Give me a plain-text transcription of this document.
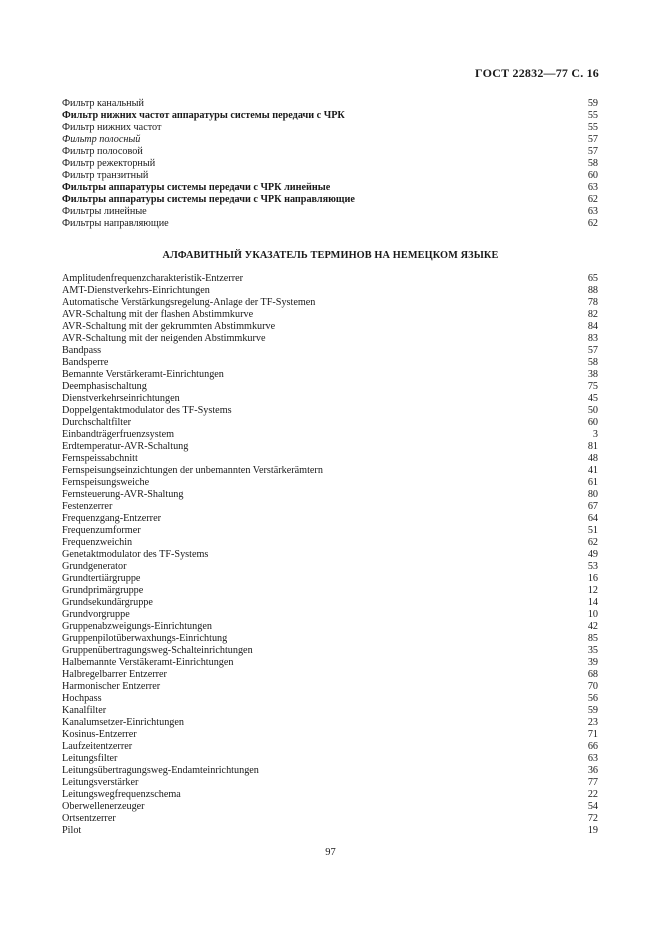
ГОСТ 22832—77 С. 16
Фильтр канальный	59
Фильтр нижних частот аппаратуры системы передачи с ЧРК	55
Фильтр нижних частот	55
Фильтр полосный	57
Фильтр полосовой	57
Фильтр режекторный	58
Фильтр транзитный	60
Фильтры аппаратуры системы передачи с ЧРК линейные	63
Фильтры аппаратуры системы передачи с ЧРК направляющие	62
Фильтры линейные	63
Фильтры направляющие	62
АЛФАВИТНЫЙ УКАЗАТЕЛЬ ТЕРМИНОВ НА НЕМЕЦКОМ ЯЗЫКЕ
Amplitudenfrequenzcharakteristik-Entzerrer	65
AMT-Dienstverkehrs-Einrichtungen	88
Automatische Verstärkungsregelung-Anlage der TF-Systemen	78
AVR-Schaltung mit der flashen Abstimmkurve	82
AVR-Schaltung mit der gekrummten Abstimmkurve	84
AVR-Schaltung mit der neigenden Abstimmkurve	83
Bandpass	57
Bandsperre	58
Bemannte Verstärkeramt-Einrichtungen	38
Deemphasischaltung	75
Dienstverkehrseinrichtungen	45
Doppelgentaktmodulator des TF-Systems	50
Durchschaltfilter	60
Einbandträgerfruenzsystem	3
Erdtemperatur-AVR-Schaltung	81
Fernspeissabchnitt	48
Fernspeisungseinzichtungen der unbemannten Verstärkerämtern	41
Fernspeisungsweiche	61
Fernsteuerung-AVR-Shaltung	80
Festenzerrer	67
Frequenzgang-Entzerrer	64
Frequenzumformer	51
Frequenzweichin	62
Genetaktmodulator des TF-Systems	49
Grundgenerator	53
Grundtertiärgruppe	16
Grundprimärgruppe	12
Grundsekundärgruppe	14
Grundvorgruppe	10
Gruppenabzweigungs-Einrichtungen	42
Gruppenpilotüberwaxhungs-Einrichtung	85
Gruppenübertragungsweg-Schalteinrichtungen	35
Halbemannte Verstäkeramt-Einrichtungen	39
Halbregelbarrer Entzerrer	68
Harmonischer Entzerrer	70
Hochpass	56
Kanalfilter	59
Kanalumsetzer-Einrichtungen	23
Kosinus-Entzerrer	71
Laufzeitentzerrer	66
Leitungsfilter	63
Leitungsübertragungsweg-Endamteinrichtungen	36
Leitungsverstärker	77
Leitungswegfrequenzschema	22
Oberwellenerzeuger	54
Ortsentzerrer	72
Pilot	19
97
